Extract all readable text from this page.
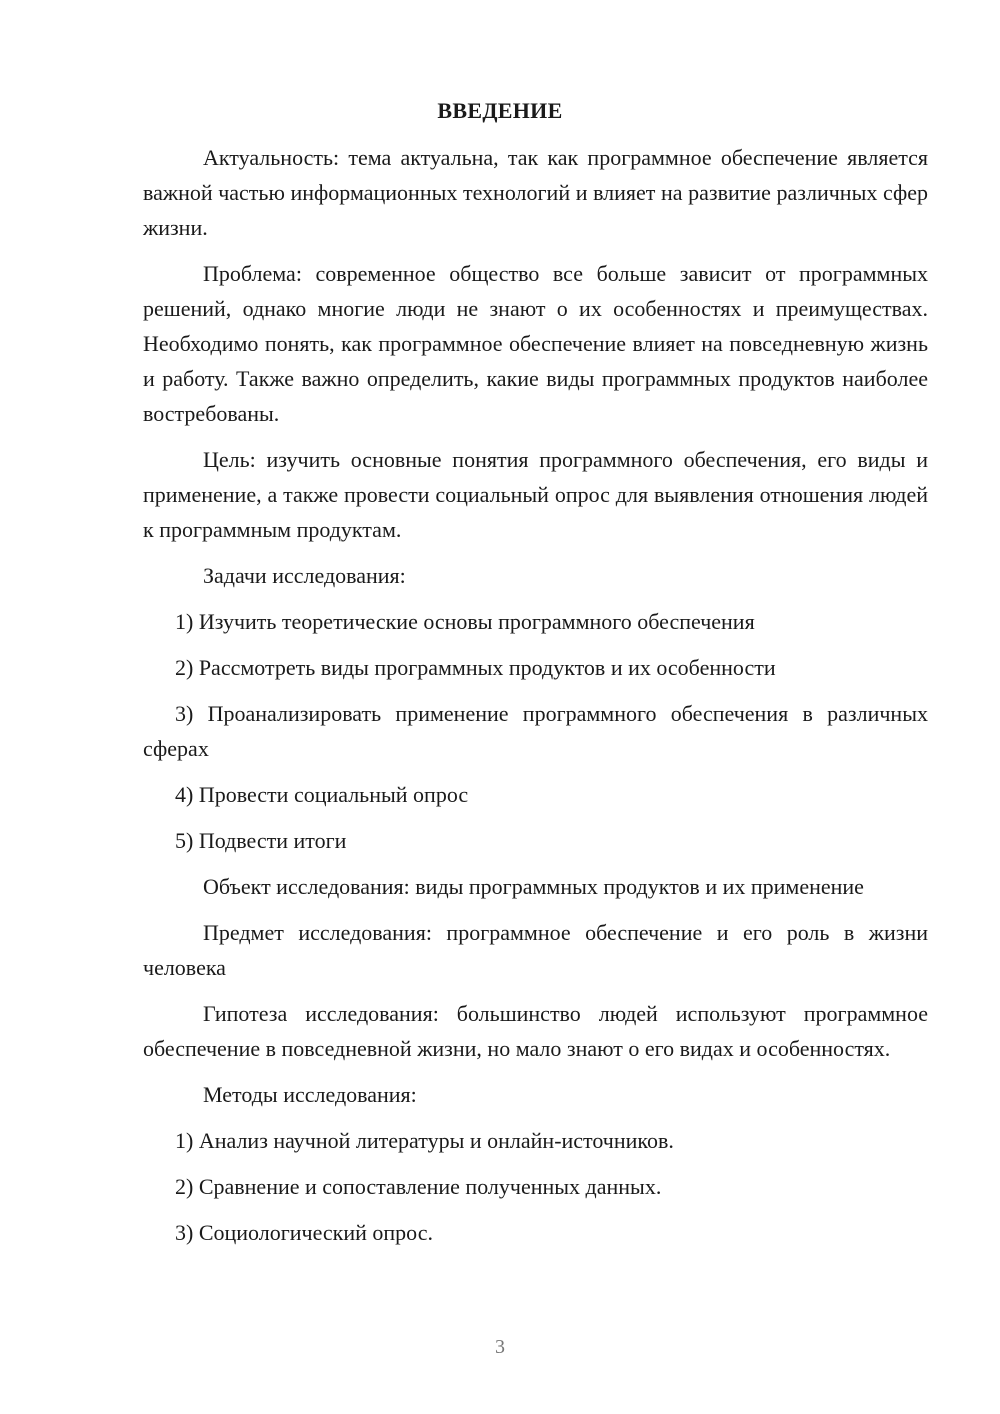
ВВЕДЕНИЕ

Актуальность: тема актуальна, так как программное обеспечение является важной частью информационных технологий и влияет на развитие различных сфер жизни.

Проблема: современное общество все больше зависит от программных решений, однако многие люди не знают о их особенностях и преимуществах. Необходимо понять, как программное обеспечение влияет на повседневную жизнь и работу. Также важно определить, какие виды программных продуктов наиболее востребованы.

Цель: изучить основные понятия программного обеспечения, его виды и применение, а также провести социальный опрос для выявления отношения людей к программным продуктам.

Задачи исследования:

1) Изучить теоретические основы программного обеспечения

2) Рассмотреть виды программных продуктов и их особенности

3) Проанализировать применение программного обеспечения в различных сферах

4) Провести социальный опрос

5) Подвести итоги

Объект исследования: виды программных продуктов и их применение

Предмет исследования: программное обеспечение и его роль в жизни человека

Гипотеза исследования: большинство людей используют программное обеспечение в повседневной жизни, но мало знают о его видах и особенностях.

Методы исследования:

1) Анализ научной литературы и онлайн-источников.

2) Сравнение и сопоставление полученных данных.

3) Социологический опрос.

3
